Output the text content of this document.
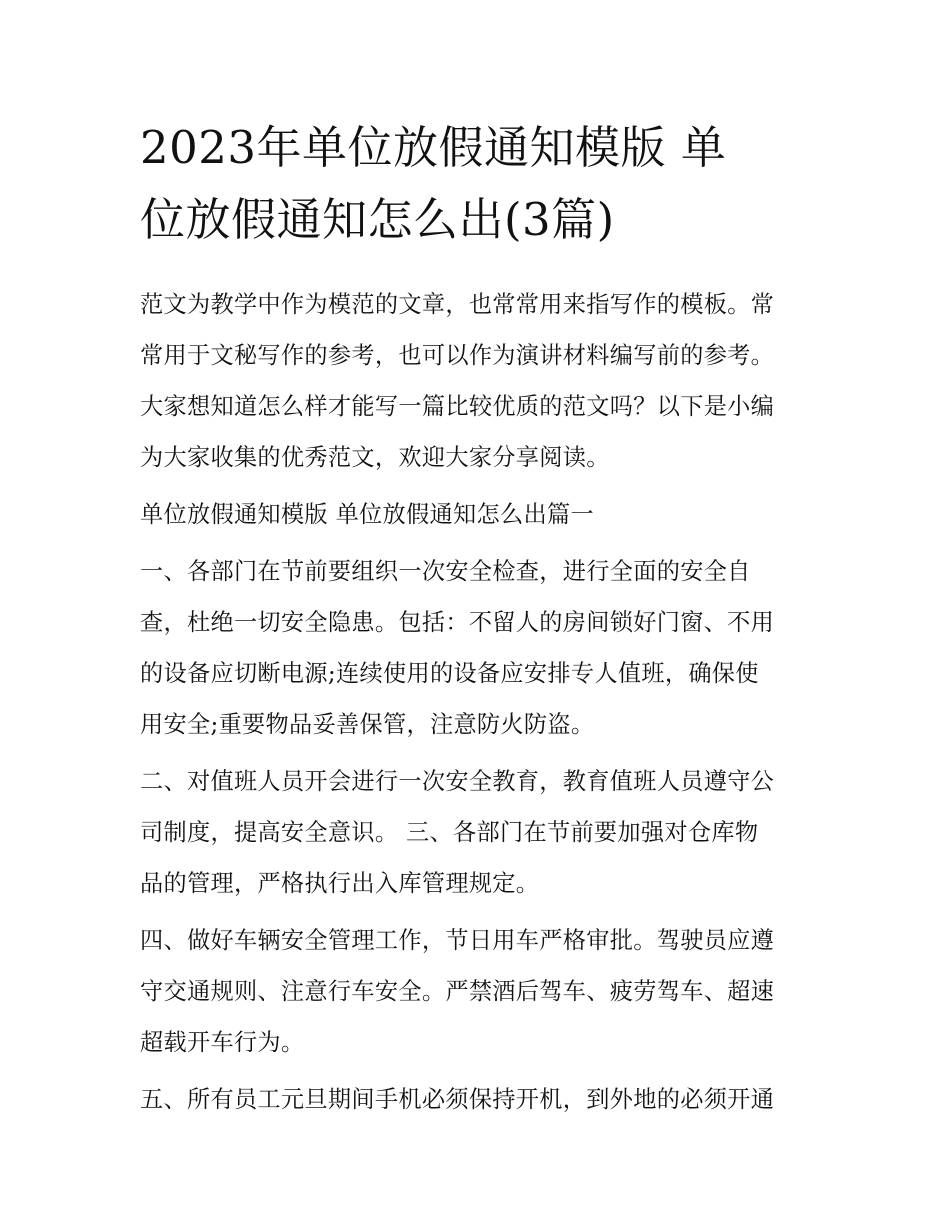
2023年单位放假通知模版 单
位放假通知怎么出(3篇)

范文为教学中作为模范的文章，也常常用来指写作的模板。常
常用于文秘写作的参考，也可以作为演讲材料编写前的参考。
大家想知道怎么样才能写一篇比较优质的范文吗？以下是小编
为大家收集的优秀范文，欢迎大家分享阅读。

单位放假通知模版 单位放假通知怎么出篇一

一、各部门在节前要组织一次安全检查，进行全面的安全自
查，杜绝一切安全隐患。包括：不留人的房间锁好门窗、不用
的设备应切断电源;连续使用的设备应安排专人值班，确保使
用安全;重要物品妥善保管，注意防火防盗。

二、对值班人员开会进行一次安全教育，教育值班人员遵守公
司制度，提高安全意识。 三、各部门在节前要加强对仓库物
品的管理，严格执行出入库管理规定。

四、做好车辆安全管理工作，节日用车严格审批。驾驶员应遵
守交通规则、注意行车安全。严禁酒后驾车、疲劳驾车、超速
超载开车行为。

五、所有员工元旦期间手机必须保持开机，到外地的必须开通
